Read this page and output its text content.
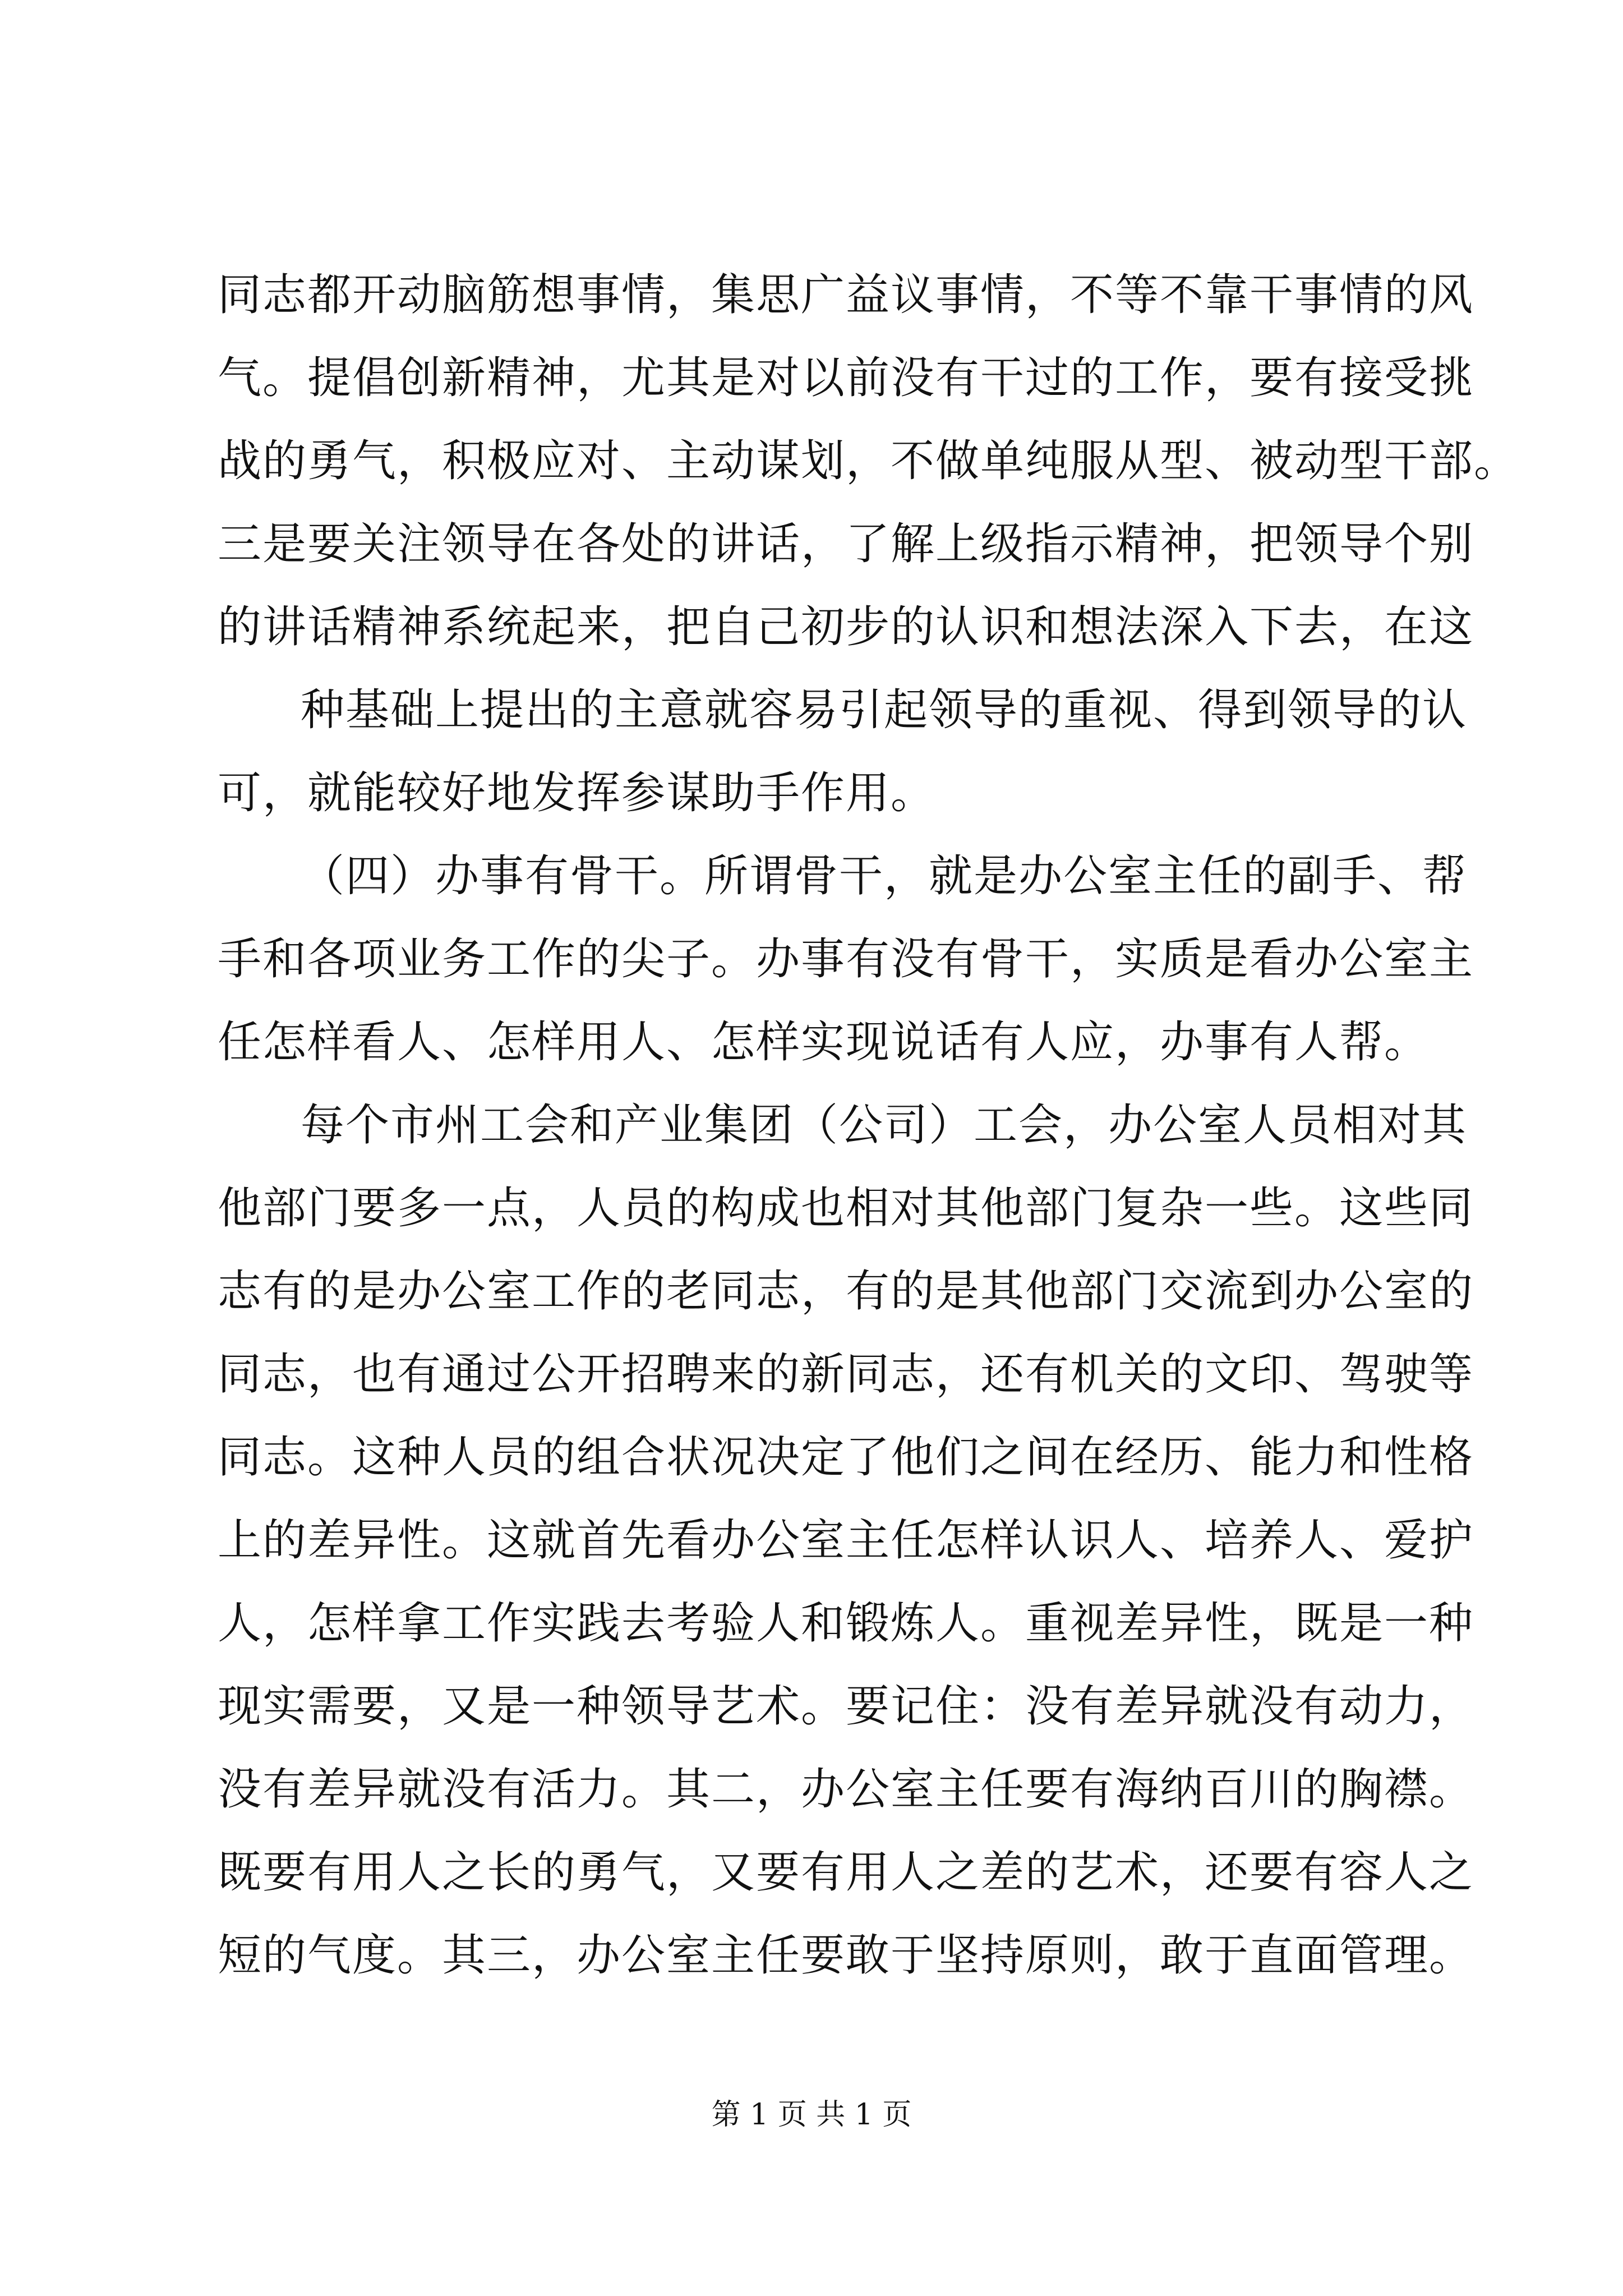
同志都开动脑筋想事情，集思广益议事情，不等不靠干事情的风
气。提倡创新精神，尤其是对以前没有干过的工作，要有接受挑
战的勇气，积极应对、主动谋划，不做单纯服从型、被动型干部。
三是要关注领导在各处的讲话，了解上级指示精神，把领导个别
的讲话精神系统起来，把自己初步的认识和想法深入下去，在这
种基础上提出的主意就容易引起领导的重视、得到领导的认
可，就能较好地发挥参谋助手作用。
（四）办事有骨干。所谓骨干，就是办公室主任的副手、帮
手和各项业务工作的尖子。办事有没有骨干，实质是看办公室主
任怎样看人、怎样用人、怎样实现说话有人应，办事有人帮。
每个市州工会和产业集团（公司）工会，办公室人员相对其
他部门要多一点，人员的构成也相对其他部门复杂一些。这些同
志有的是办公室工作的老同志，有的是其他部门交流到办公室的
同志，也有通过公开招聘来的新同志，还有机关的文印、驾驶等
同志。这种人员的组合状况决定了他们之间在经历、能力和性格
上的差异性。这就首先看办公室主任怎样认识人、培养人、爱护
人，怎样拿工作实践去考验人和锻炼人。重视差异性，既是一种
现实需要，又是一种领导艺术。要记住：没有差异就没有动力，
没有差异就没有活力。其二，办公室主任要有海纳百川的胸襟。
既要有用人之长的勇气，又要有用人之差的艺术，还要有容人之
短的气度。其三，办公室主任要敢于坚持原则，敢于直面管理。
第 1 页 共 1 页
